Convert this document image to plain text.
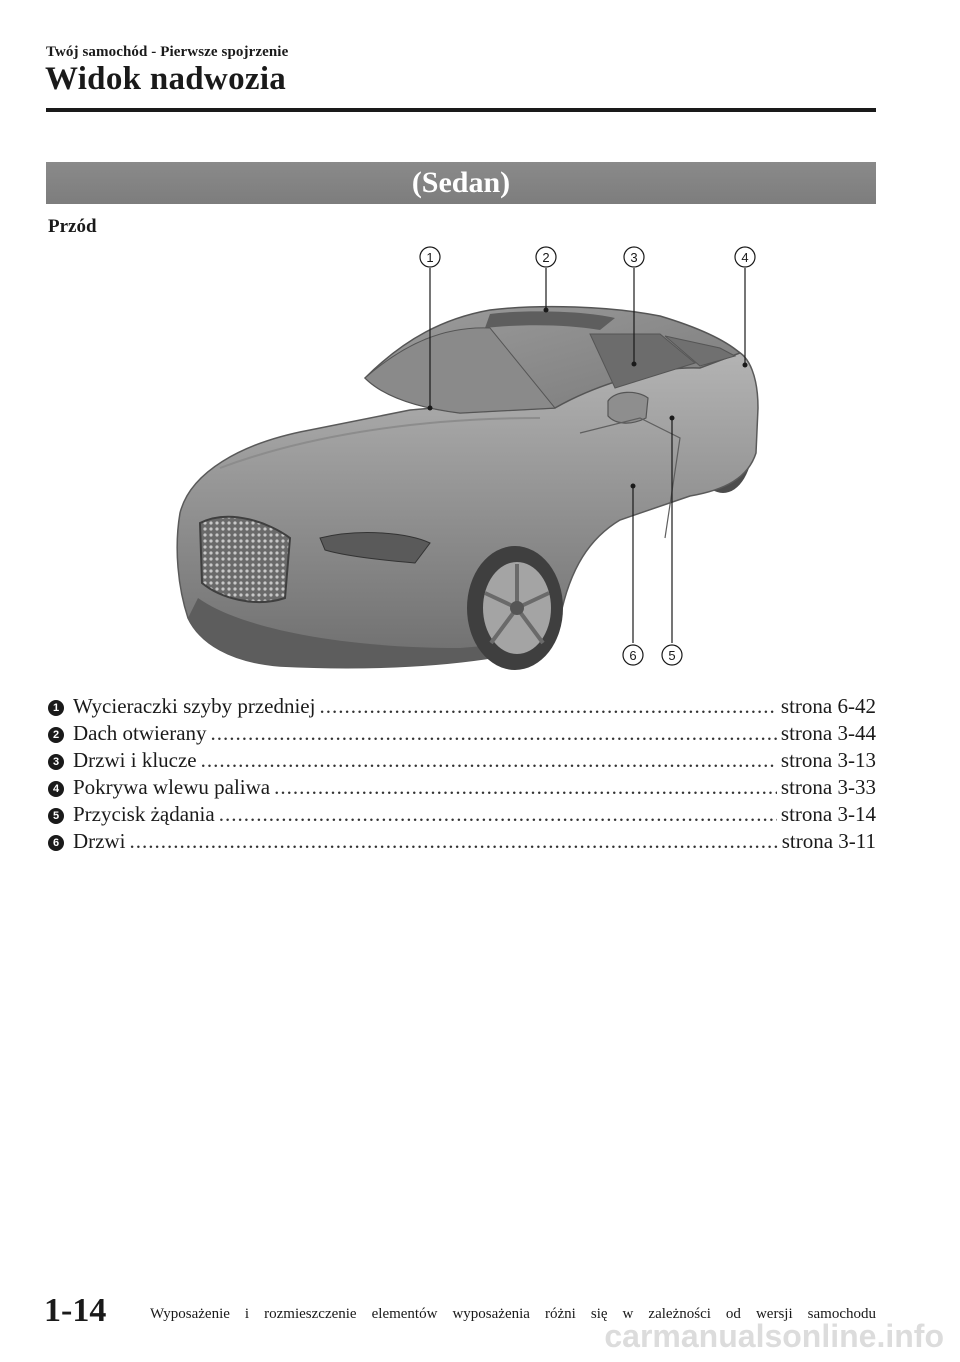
Twój samochód - Pierwsze spojrzenie
Widok nadwozia
(Sedan)
Przód
1	2	3	4
5
6
1 Wycieraczki szyby przedniej .....	strona 6-42
2 Dach otwierany .....	strona 3-44
3 Drzwi i klucze .....	strona 3-13
4 Pokrywa wlewu paliwa .....	strona 3-33
5 Przycisk żądania .....	strona 3-14
6 Drzwi .....	strona 3-11
1-14	Wyposażenie i rozmieszczenie elementów wyposażenia różni się w zależności od wersji samochodu
carmanualsonline.info
